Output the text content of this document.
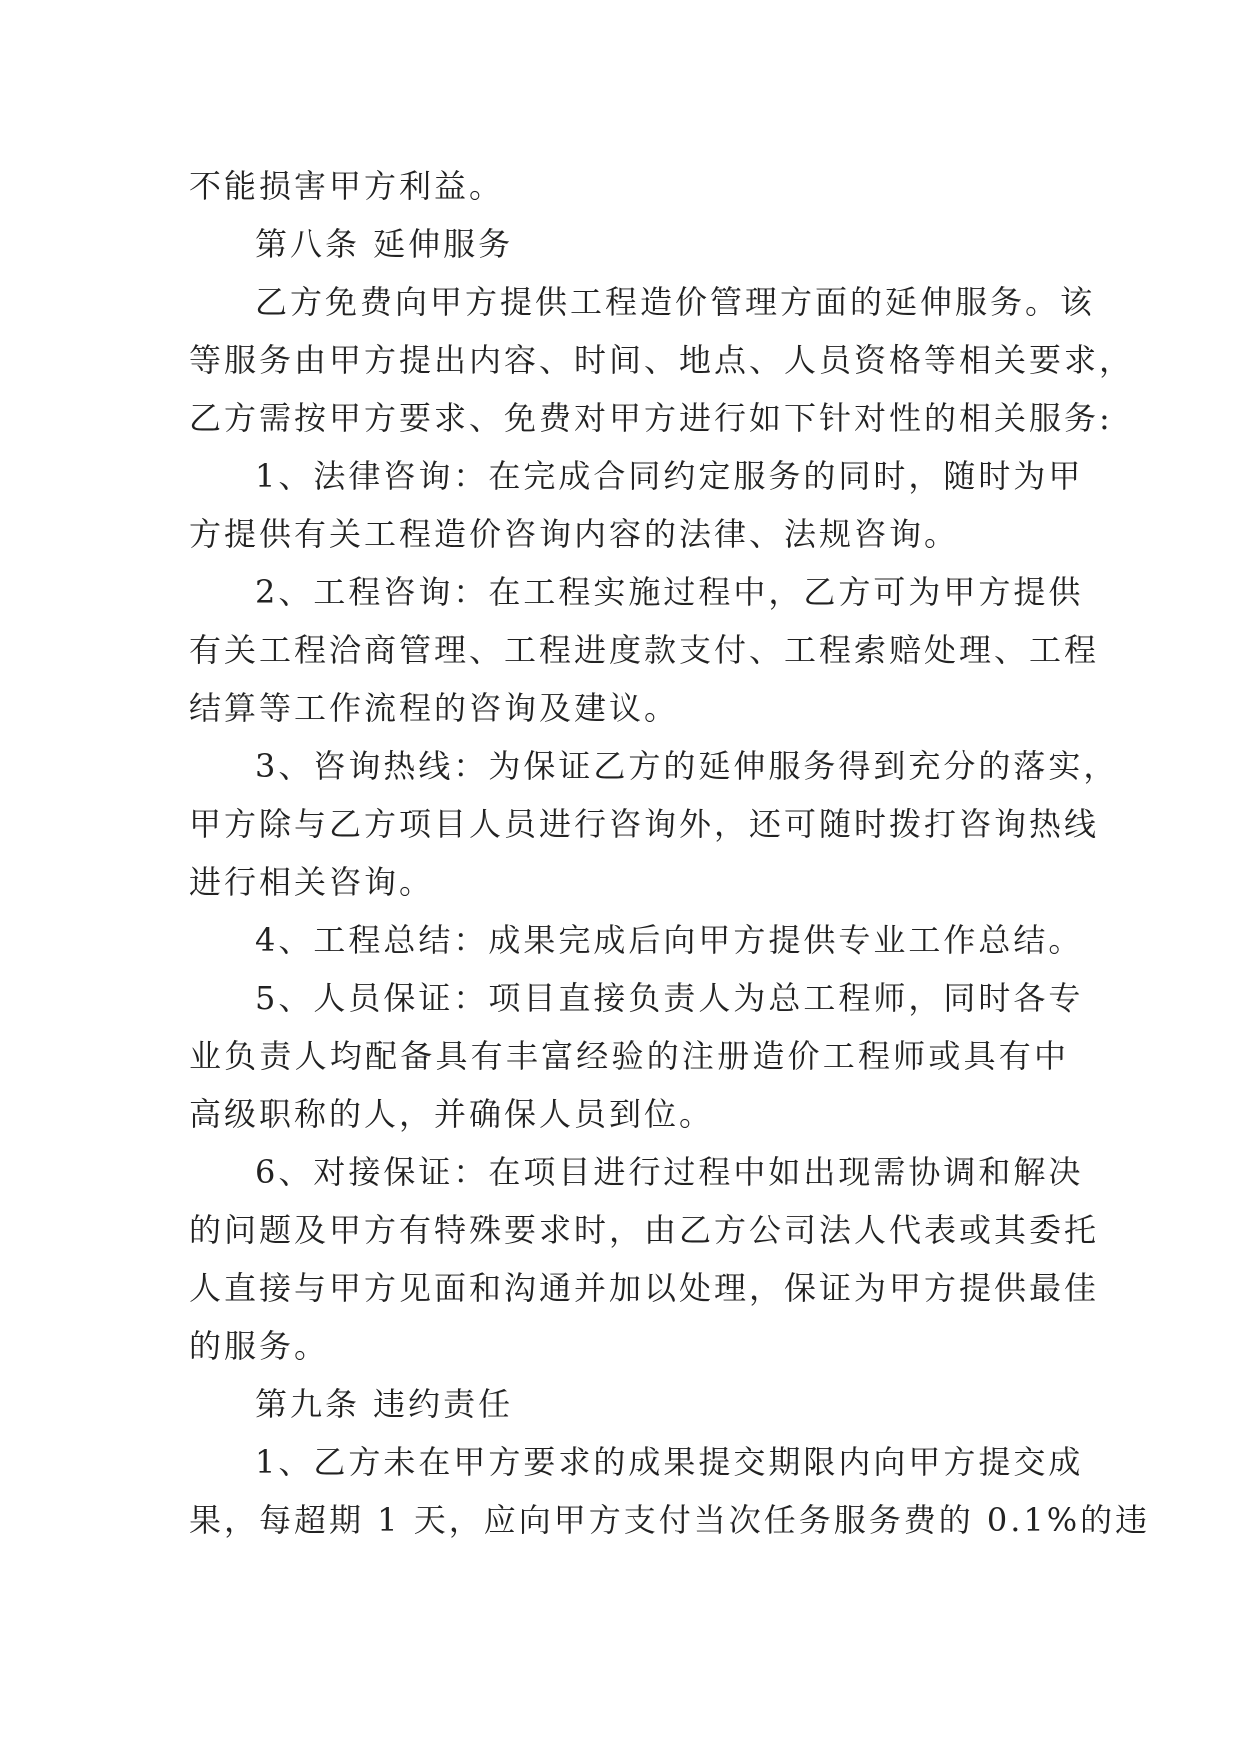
不能损害甲方利益。
第八条 延伸服务
乙方免费向甲方提供工程造价管理方面的延伸服务。该
等服务由甲方提出内容、时间、地点、人员资格等相关要求，
乙方需按甲方要求、免费对甲方进行如下针对性的相关服务:
1、法律咨询：在完成合同约定服务的同时，随时为甲
方提供有关工程造价咨询内容的法律、法规咨询。
2、工程咨询：在工程实施过程中，乙方可为甲方提供
有关工程洽商管理、工程进度款支付、工程索赔处理、工程
结算等工作流程的咨询及建议。
3、咨询热线：为保证乙方的延伸服务得到充分的落实，
甲方除与乙方项目人员进行咨询外，还可随时拨打咨询热线
进行相关咨询。
4、工程总结：成果完成后向甲方提供专业工作总结。
5、人员保证：项目直接负责人为总工程师，同时各专
业负责人均配备具有丰富经验的注册造价工程师或具有中
高级职称的人，并确保人员到位。
6、对接保证：在项目进行过程中如出现需协调和解决
的问题及甲方有特殊要求时，由乙方公司法人代表或其委托
人直接与甲方见面和沟通并加以处理，保证为甲方提供最佳
的服务。
第九条 违约责任
1、乙方未在甲方要求的成果提交期限内向甲方提交成
果，每超期 1 天，应向甲方支付当次任务服务费的 0.1%的违
